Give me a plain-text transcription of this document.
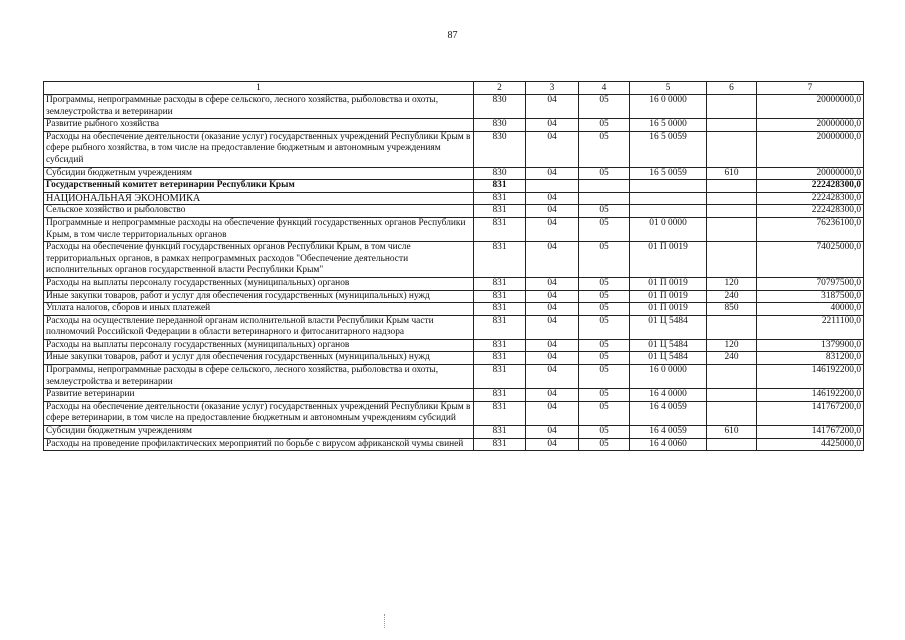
87
1	2	3	4	5	6	7
Программы, непрограммные расходы в сфере сельского, лесного хозяйства, рыболовства и охоты, землеустройства и ветеринарии	830	04	05	16 0 0000		20000000,0
Развитие рыбного хозяйства	830	04	05	16 5 0000		20000000,0
Расходы на обеспечение деятельности (оказание услуг) государственных учреждений Республики Крым в сфере рыбного хозяйства, в том числе на предоставление бюджетным и автономным учреждениям субсидий	830	04	05	16 5 0059		20000000,0
Субсидии бюджетным учреждениям	830	04	05	16 5 0059	610	20000000,0
Государственный комитет ветеринарии Республики Крым	831					222428300,0
НАЦИОНАЛЬНАЯ ЭКОНОМИКА	831	04				222428300,0
Сельское хозяйство и рыболовство	831	04	05			222428300,0
Программные и непрограммные расходы на обеспечение функций государственных органов Республики Крым, в том числе территориальных органов	831	04	05	01 0 0000		76236100,0
Расходы на обеспечение функций государственных органов Республики Крым, в том числе территориальных органов, в рамках непрограммных расходов "Обеспечение деятельности исполнительных органов государственной власти Республики Крым"	831	04	05	01 П 0019		74025000,0
Расходы на выплаты персоналу государственных (муниципальных) органов	831	04	05	01 П 0019	120	70797500,0
Иные закупки товаров, работ и услуг для обеспечения государственных (муниципальных) нужд	831	04	05	01 П 0019	240	3187500,0
Уплата налогов, сборов и иных платежей	831	04	05	01 П 0019	850	40000,0
Расходы на осуществление переданной органам исполнительной власти Республики Крым части полномочий Российской Федерации в области ветеринарного и фитосанитарного надзора	831	04	05	01 Ц 5484		2211100,0
Расходы на выплаты персоналу государственных (муниципальных) органов	831	04	05	01 Ц 5484	120	1379900,0
Иные закупки товаров, работ и услуг для обеспечения государственных (муниципальных) нужд	831	04	05	01 Ц 5484	240	831200,0
Программы, непрограммные расходы в сфере сельского, лесного хозяйства, рыболовства и охоты, землеустройства и ветеринарии	831	04	05	16 0 0000		146192200,0
Развитие ветеринарии	831	04	05	16 4 0000		146192200,0
Расходы на обеспечение деятельности (оказание услуг) государственных учреждений Республики Крым в сфере ветеринарии, в том числе на предоставление бюджетным и автономным учреждениям субсидий	831	04	05	16 4 0059		141767200,0
Субсидии бюджетным учреждениям	831	04	05	16 4 0059	610	141767200,0
Расходы на проведение профилактических мероприятий по борьбе с вирусом африканской чумы свиней	831	04	05	16 4 0060		4425000,0
